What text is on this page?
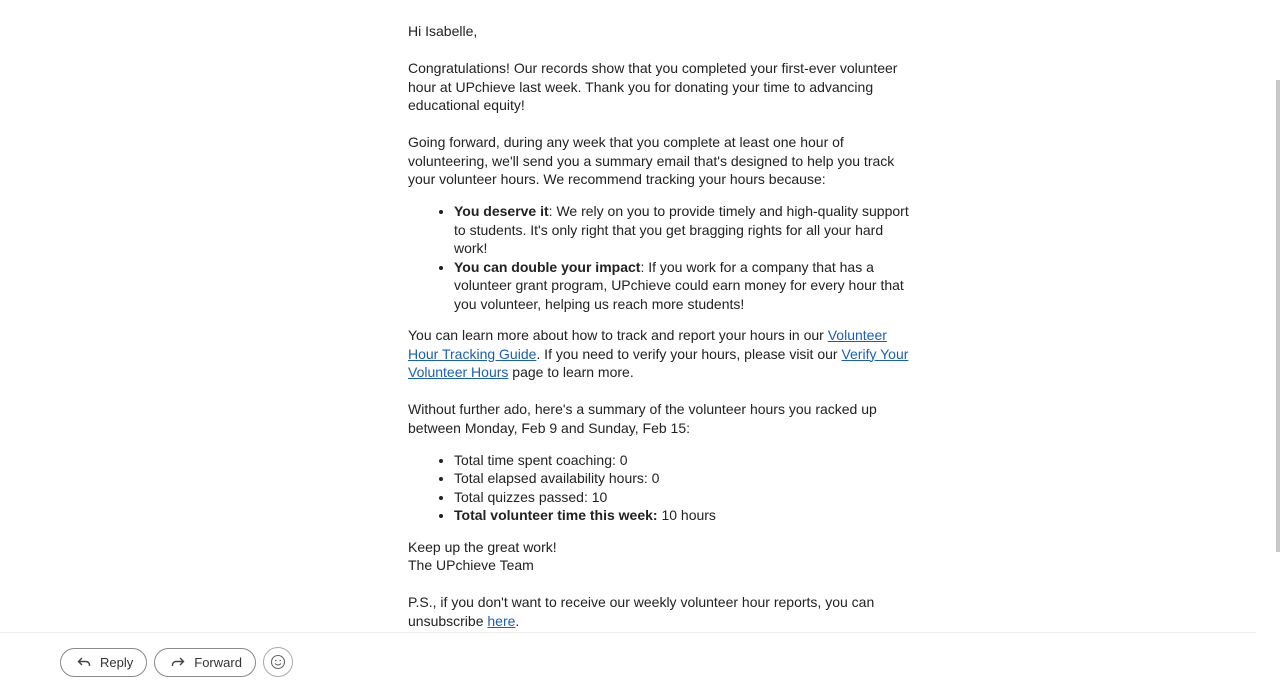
Hi Isabelle,

Congratulations! Our records show that you completed your first-ever volunteer hour at UPchieve last week. Thank you for donating your time to advancing educational equity!

Going forward, during any week that you complete at least one hour of volunteering, we'll send you a summary email that's designed to help you track your volunteer hours. We recommend tracking your hours because:

• You deserve it: We rely on you to provide timely and high-quality support to students. It's only right that you get bragging rights for all your hard work!
• You can double your impact: If you work for a company that has a volunteer grant program, UPchieve could earn money for every hour that you volunteer, helping us reach more students!

You can learn more about how to track and report your hours in our Volunteer Hour Tracking Guide. If you need to verify your hours, please visit our Verify Your Volunteer Hours page to learn more.

Without further ado, here's a summary of the volunteer hours you racked up between Monday, Feb 9 and Sunday, Feb 15:

• Total time spent coaching: 0
• Total elapsed availability hours: 0
• Total quizzes passed: 10
• Total volunteer time this week: 10 hours

Keep up the great work!
The UPchieve Team

P.S., if you don't want to receive our weekly volunteer hour reports, you can unsubscribe here.

Reply	Forward
